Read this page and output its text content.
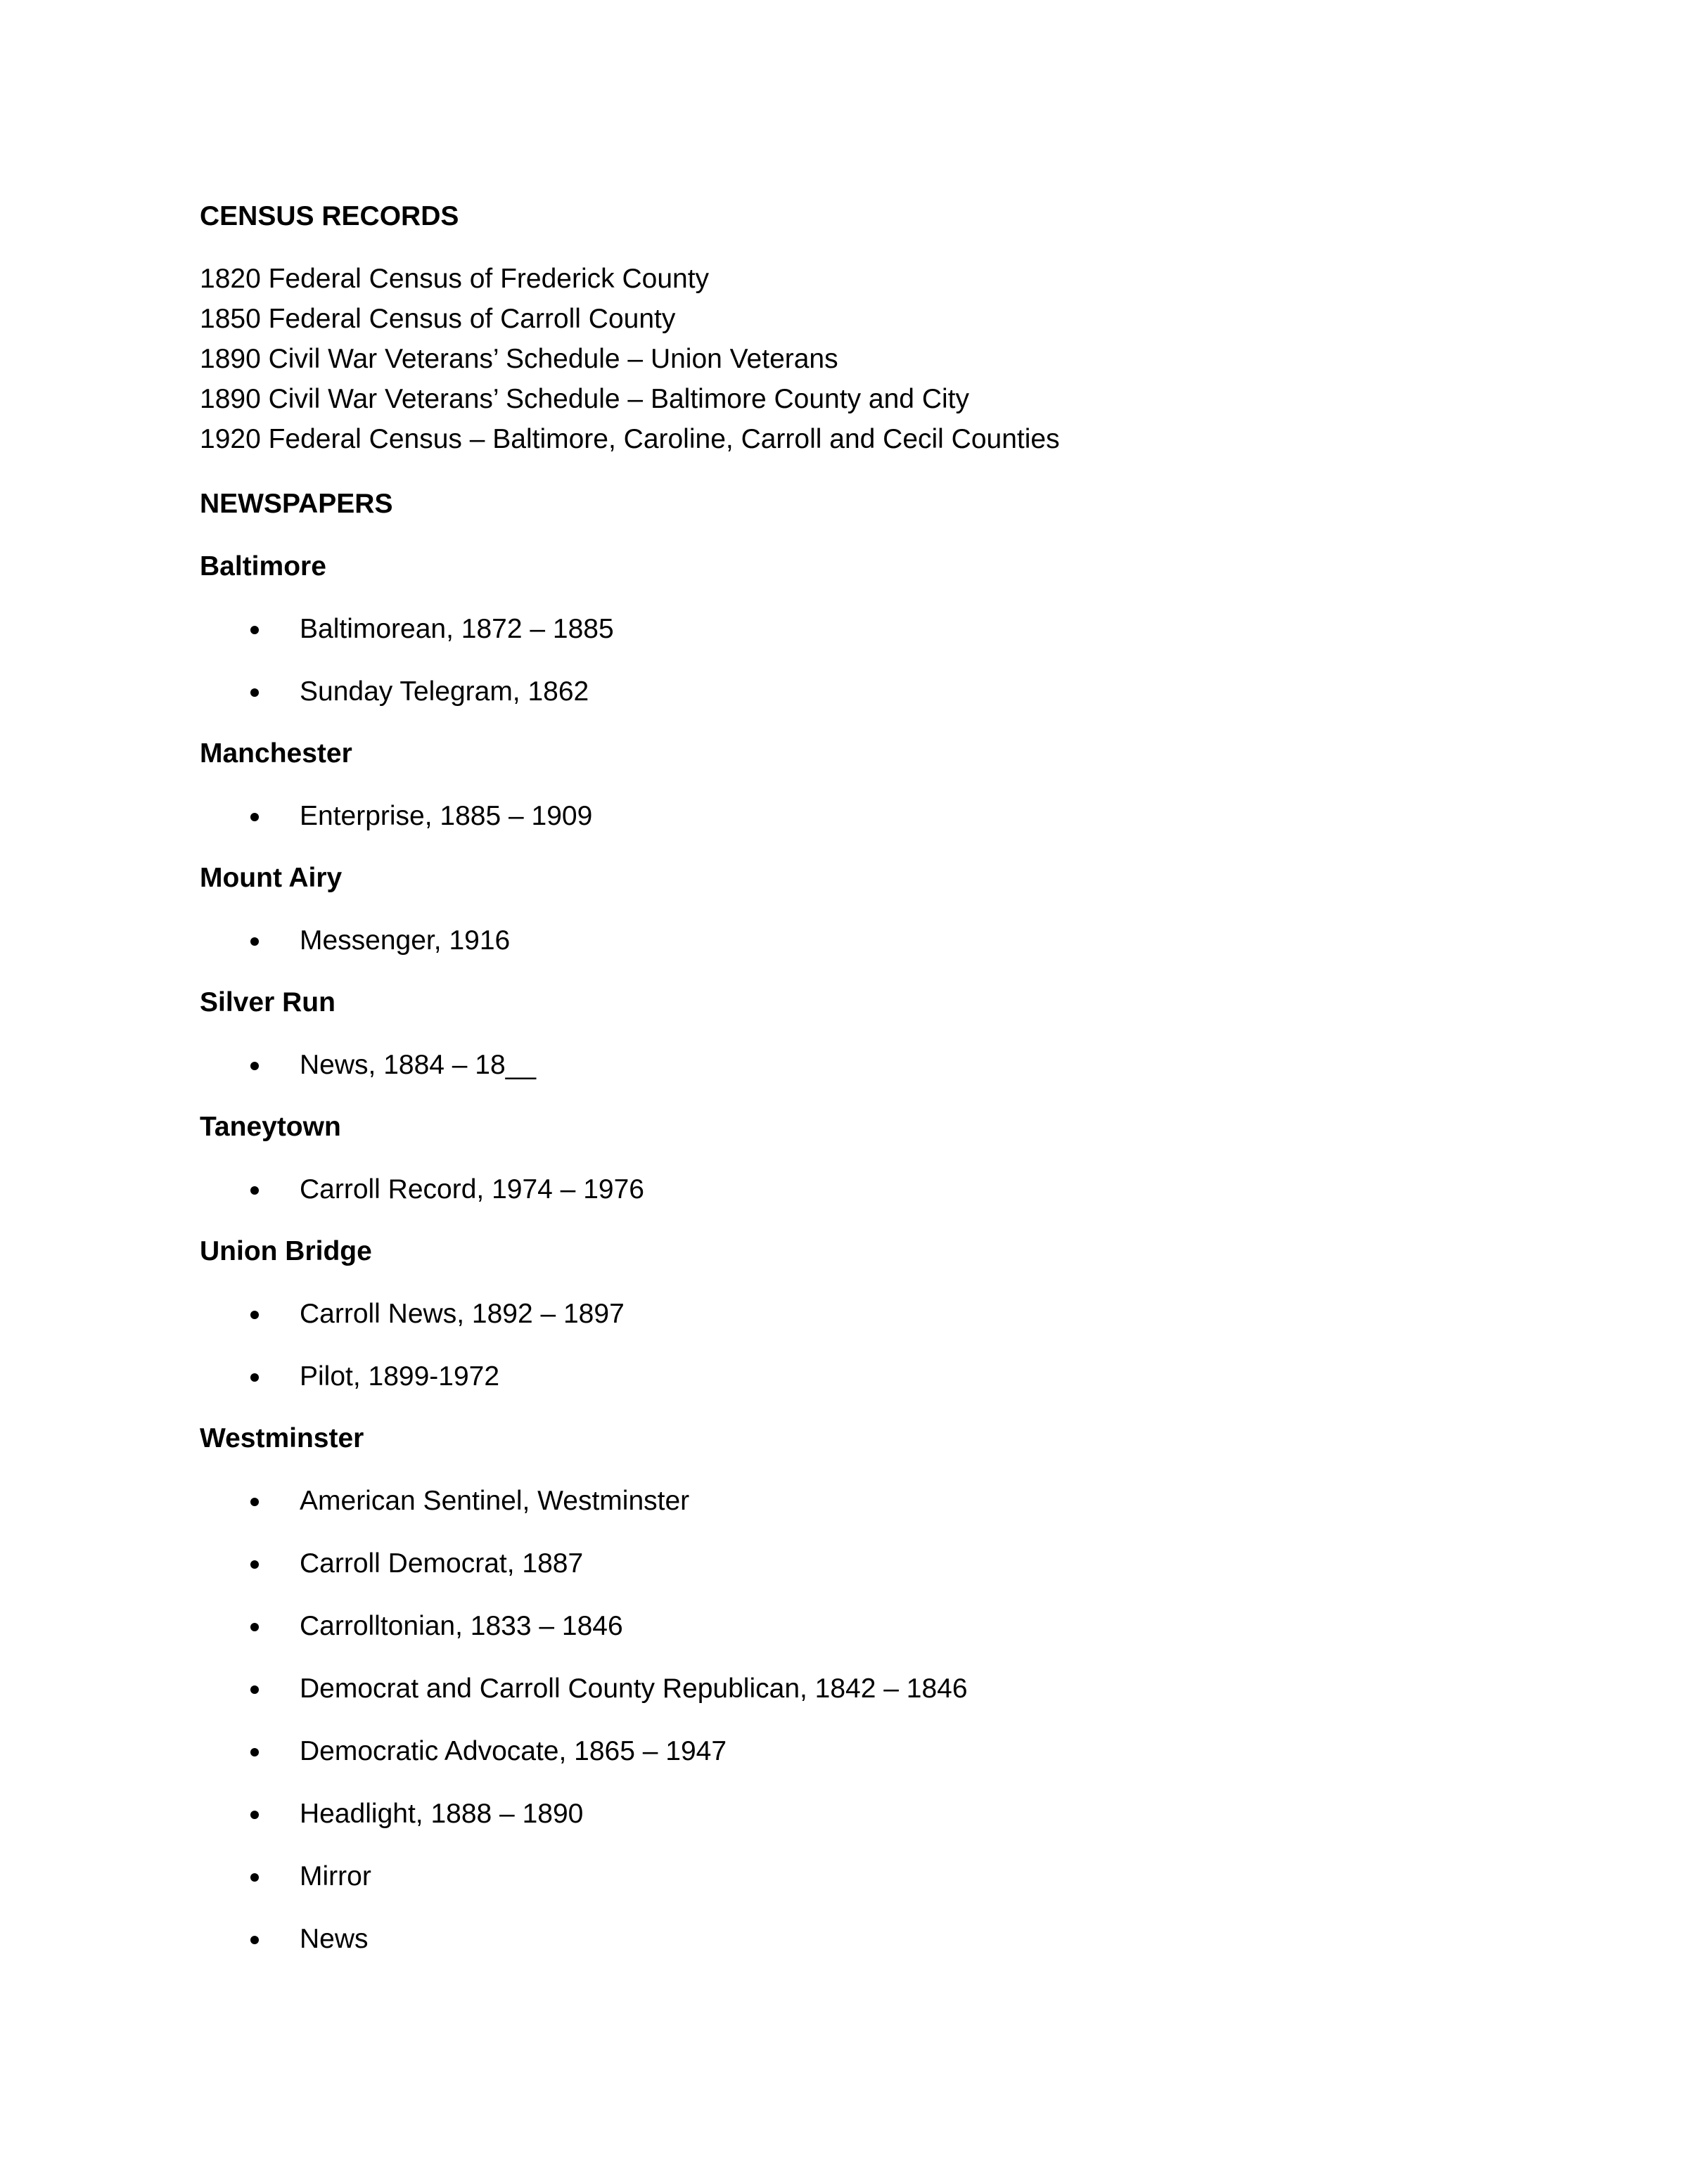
CENSUS RECORDS
1820 Federal Census of Frederick County
1850 Federal Census of Carroll County
1890 Civil War Veterans’ Schedule – Union Veterans
1890 Civil War Veterans’ Schedule – Baltimore County and City
1920 Federal Census – Baltimore, Caroline, Carroll and Cecil Counties
NEWSPAPERS
Baltimore
Baltimorean, 1872 – 1885
Sunday Telegram, 1862
Manchester
Enterprise, 1885 – 1909
Mount Airy
Messenger, 1916
Silver Run
News, 1884 – 18__
Taneytown
Carroll Record, 1974 – 1976
Union Bridge
Carroll News, 1892 – 1897
Pilot, 1899-1972
Westminster
American Sentinel, Westminster
Carroll Democrat, 1887
Carrolltonian, 1833 – 1846
Democrat and Carroll County Republican, 1842 – 1846
Democratic Advocate, 1865 – 1947
Headlight, 1888 – 1890
Mirror
News
